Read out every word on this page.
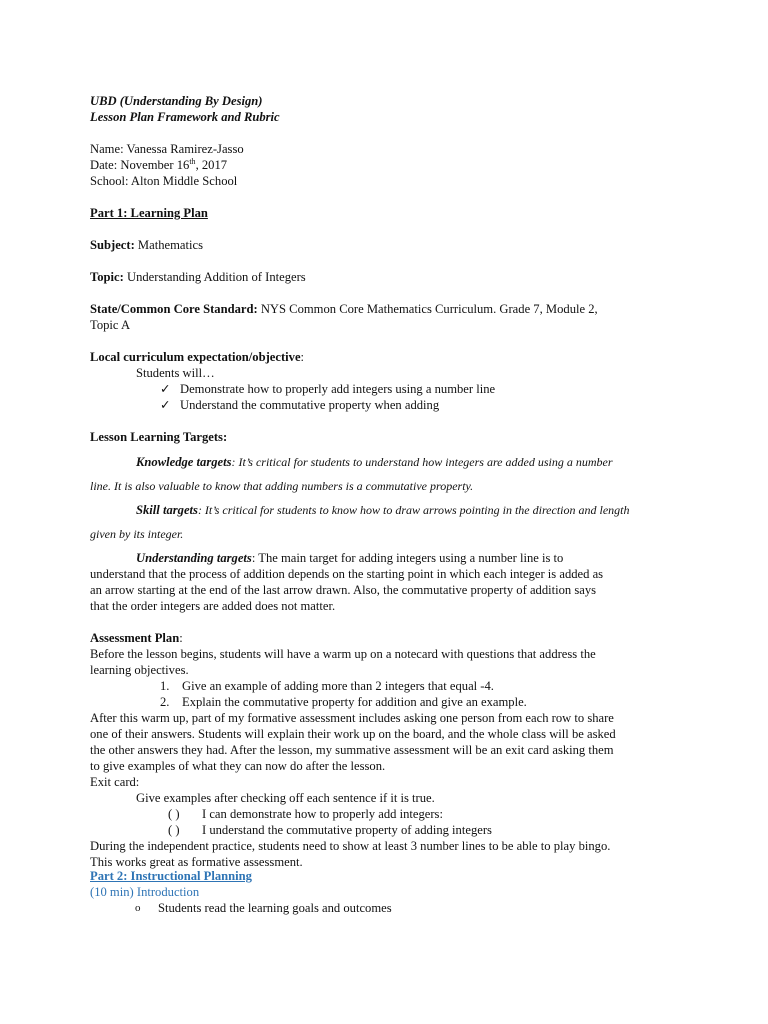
UBD (Understanding By Design)
Lesson Plan Framework and Rubric
Name: Vanessa Ramirez-Jasso
Date: November 16th, 2017
School: Alton Middle School
Part 1: Learning Plan
Subject: Mathematics
Topic: Understanding Addition of Integers
State/Common Core Standard: NYS Common Core Mathematics Curriculum. Grade 7, Module 2,
Topic A
Local curriculum expectation/objective:
Students will…
✓ Demonstrate how to properly add integers using a number line
✓ Understand the commutative property when adding
Lesson Learning Targets:
Knowledge targets: It’s critical for students to understand how integers are added using a number
line. It is also valuable to know that adding numbers is a commutative property.
Skill targets: It’s critical for students to know how to draw arrows pointing in the direction and length
given by its integer.
Understanding targets: The main target for adding integers using a number line is to
understand that the process of addition depends on the starting point in which each integer is added as
an arrow starting at the end of the last arrow drawn. Also, the commutative property of addition says
that the order integers are added does not matter.
Assessment Plan:
Before the lesson begins, students will have a warm up on a notecard with questions that address the
learning objectives.
1. Give an example of adding more than 2 integers that equal -4.
2. Explain the commutative property for addition and give an example.
After this warm up, part of my formative assessment includes asking one person from each row to share
one of their answers. Students will explain their work up on the board, and the whole class will be asked
the other answers they had. After the lesson, my summative assessment will be an exit card asking them
to give examples of what they can now do after the lesson.
Exit card:
Give examples after checking off each sentence if it is true.
( ) I can demonstrate how to properly add integers:
( ) I understand the commutative property of adding integers
During the independent practice, students need to show at least 3 number lines to be able to play bingo.
This works great as formative assessment.
Part 2: Instructional Planning
(10 min) Introduction
o Students read the learning goals and outcomes
